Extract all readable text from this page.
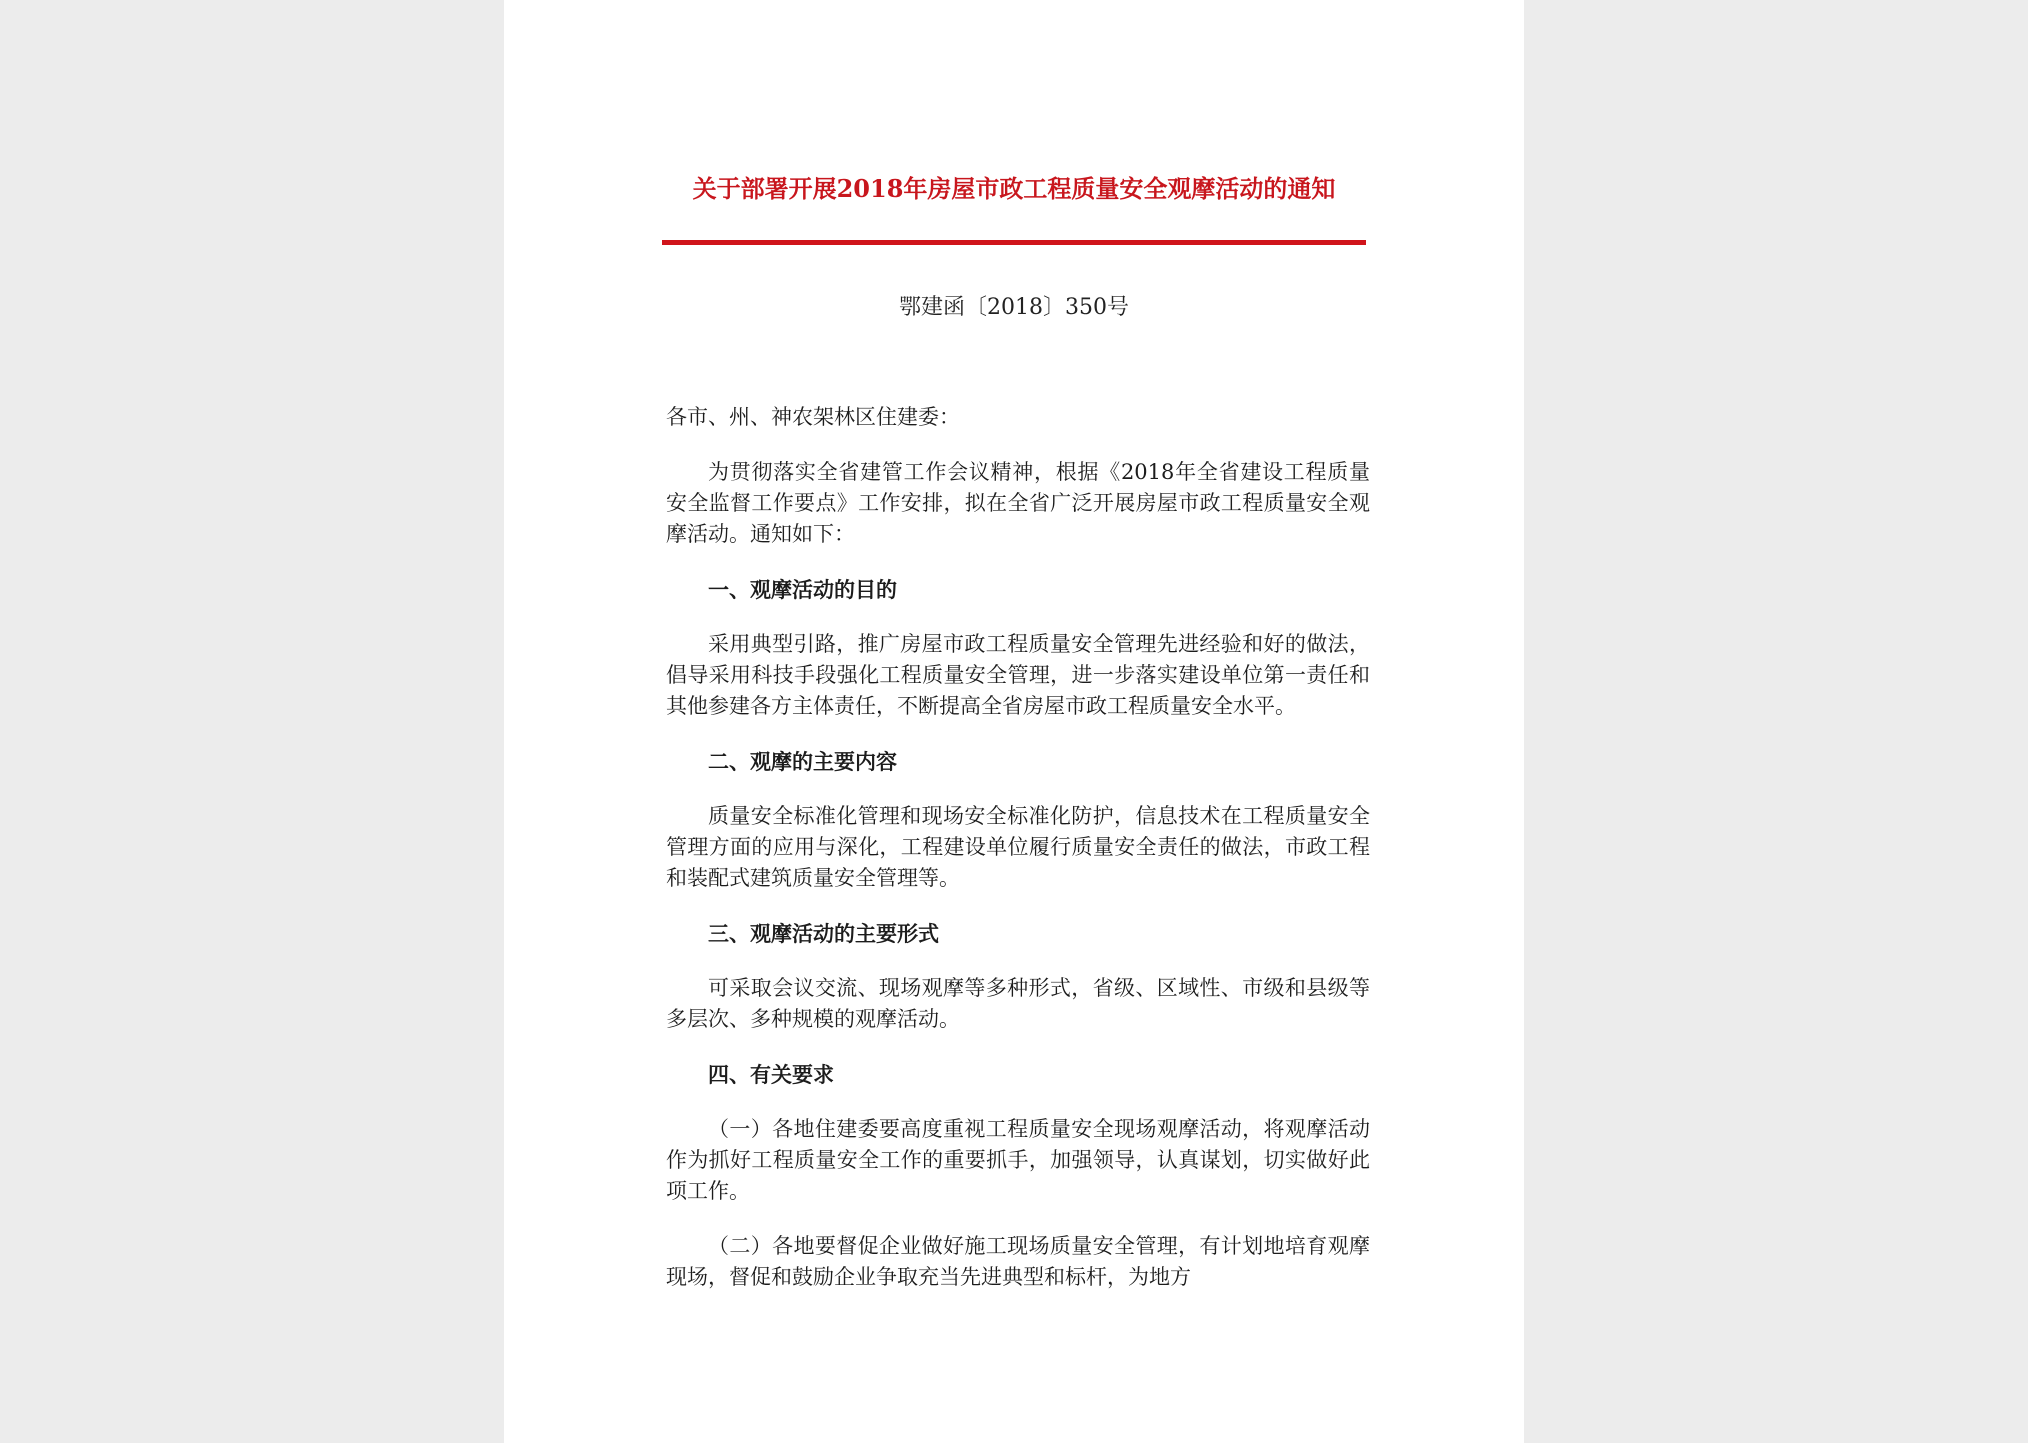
关于部署开展2018年房屋市政工程质量安全观摩活动的通知
鄂建函〔2018〕350号

各市、州、神农架林区住建委：

为贯彻落实全省建管工作会议精神，根据《2018年全省建设工程质量安全监督工作要点》工作安排，拟在全省广泛开展房屋市政工程质量安全观摩活动。通知如下：

一、观摩活动的目的

采用典型引路，推广房屋市政工程质量安全管理先进经验和好的做法，倡导采用科技手段强化工程质量安全管理，进一步落实建设单位第一责任和其他参建各方主体责任，不断提高全省房屋市政工程质量安全水平。

二、观摩的主要内容

质量安全标准化管理和现场安全标准化防护，信息技术在工程质量安全管理方面的应用与深化，工程建设单位履行质量安全责任的做法，市政工程和装配式建筑质量安全管理等。

三、观摩活动的主要形式

可采取会议交流、现场观摩等多种形式，省级、区域性、市级和县级等多层次、多种规模的观摩活动。

四、有关要求

（一）各地住建委要高度重视工程质量安全现场观摩活动，将观摩活动作为抓好工程质量安全工作的重要抓手，加强领导，认真谋划，切实做好此项工作。

（二）各地要督促企业做好施工现场质量安全管理，有计划地培育观摩现场，督促和鼓励企业争取充当先进典型和标杆，为地方
